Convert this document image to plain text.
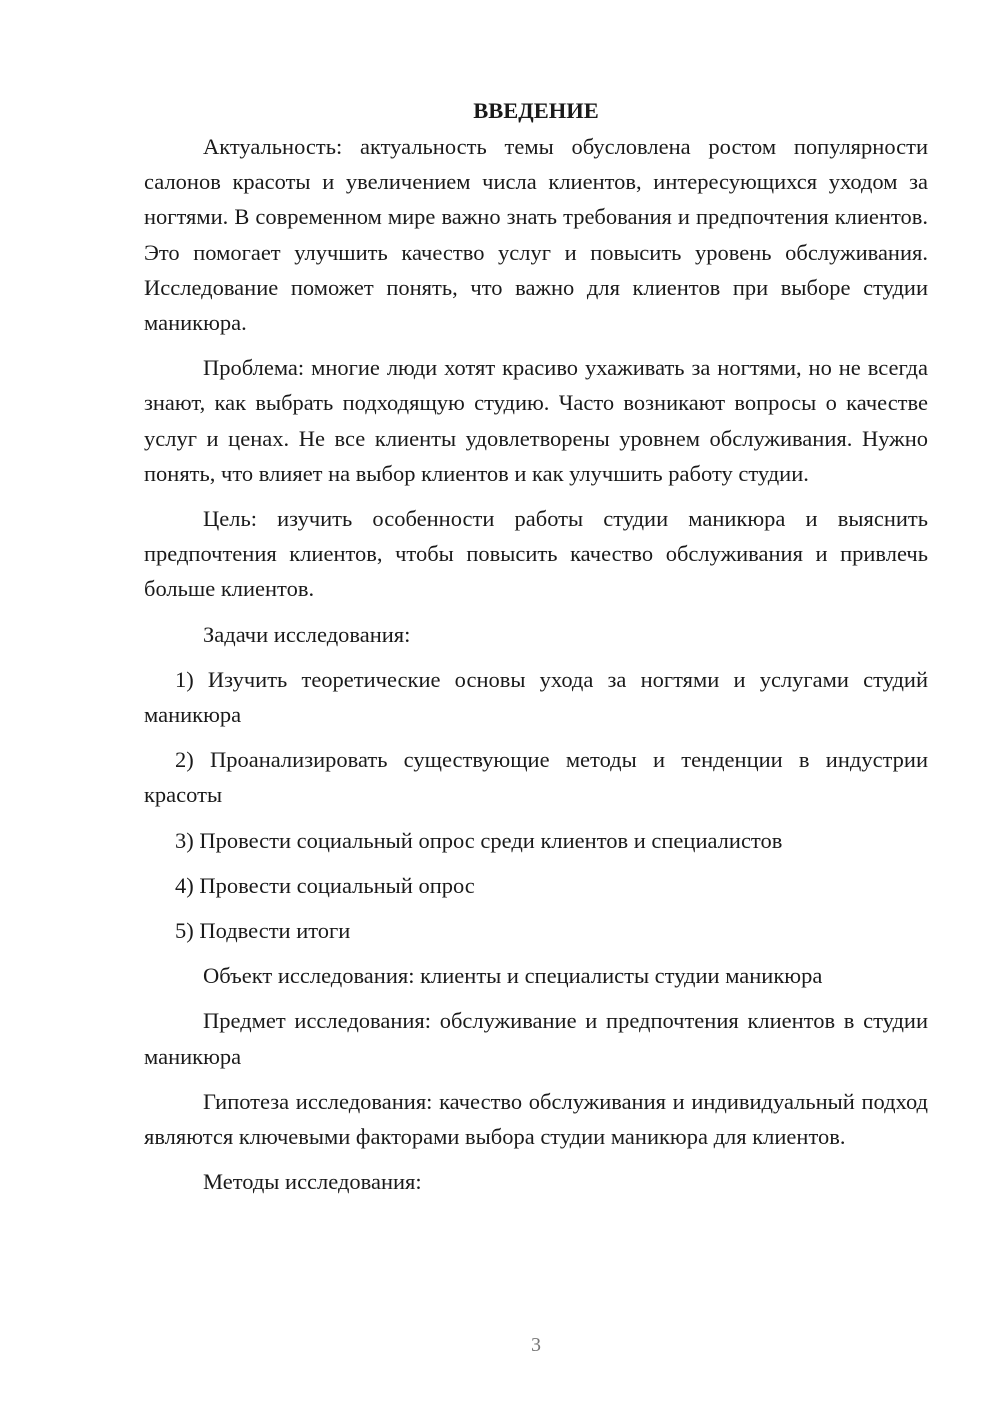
ВВЕДЕНИЕ

Актуальность: актуальность темы обусловлена ростом популярности салонов красоты и увеличением числа клиентов, интересующихся уходом за ногтями. В современном мире важно знать требования и предпочтения клиентов. Это помогает улучшить качество услуг и повысить уровень обслуживания. Исследование поможет понять, что важно для клиентов при выборе студии маникюра.

Проблема: многие люди хотят красиво ухаживать за ногтями, но не всегда знают, как выбрать подходящую студию. Часто возникают вопросы о качестве услуг и ценах. Не все клиенты удовлетворены уровнем обслуживания. Нужно понять, что влияет на выбор клиентов и как улучшить работу студии.

Цель: изучить особенности работы студии маникюра и выяснить предпочтения клиентов, чтобы повысить качество обслуживания и привлечь больше клиентов.

Задачи исследования:

1) Изучить теоретические основы ухода за ногтями и услугами студий маникюра

2) Проанализировать существующие методы и тенденции в индустрии красоты

3) Провести социальный опрос среди клиентов и специалистов

4) Провести социальный опрос

5) Подвести итоги

Объект исследования: клиенты и специалисты студии маникюра

Предмет исследования: обслуживание и предпочтения клиентов в студии маникюра

Гипотеза исследования: качество обслуживания и индивидуальный подход являются ключевыми факторами выбора студии маникюра для клиентов.

Методы исследования:

3
